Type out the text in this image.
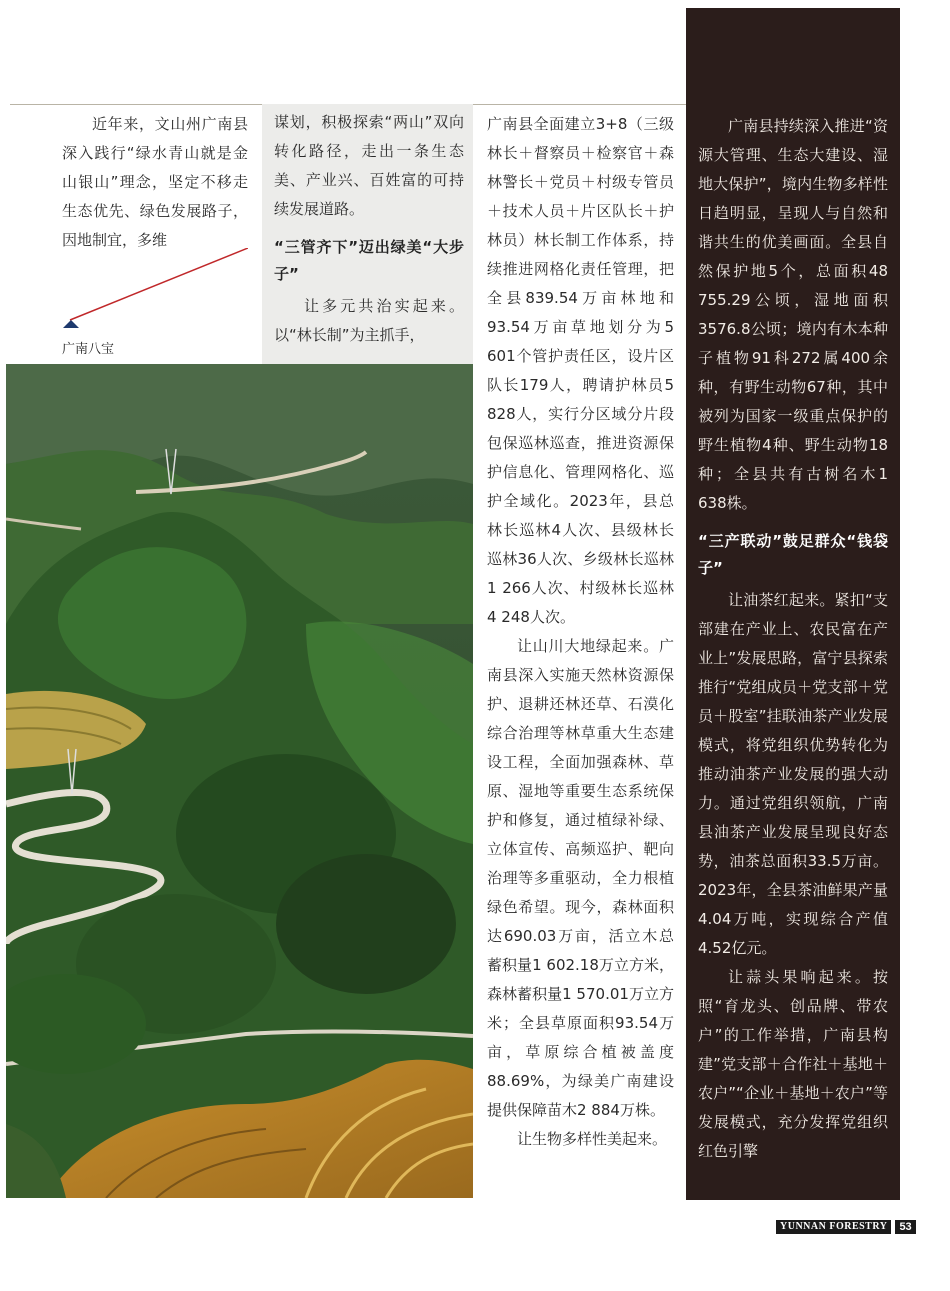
近年来，文山州广南县深入践行“绿水青山就是金山银山”理念，坚定不移走生态优先、绿色发展路子，因地制宜，多维

谋划，积极探索“两山”双向转化路径，走出一条生态美、产业兴、百姓富的可持续发展道路。

“三管齐下”迈出绿美“大步子”

让多元共治实起来。以“林长制”为主抓手，

广南县全面建立3+8（三级林长＋督察员＋检察官＋森林警长＋党员＋村级专管员＋技术人员＋片区队长＋护林员）林长制工作体系，持续推进网格化责任管理，把全县839.54万亩林地和93.54万亩草地划分为5 601个管护责任区，设片区队长179人，聘请护林员5 828人，实行分区域分片段包保巡林巡查，推进资源保护信息化、管理网格化、巡护全域化。2023年，县总林长巡林4人次、县级林长巡林36人次、乡级林长巡林1 266人次、村级林长巡林4 248人次。

让山川大地绿起来。广南县深入实施天然林资源保护、退耕还林还草、石漠化综合治理等林草重大生态建设工程，全面加强森林、草原、湿地等重要生态系统保护和修复，通过植绿补绿、立体宣传、高频巡护、靶向治理等多重驱动，全力根植绿色希望。现今，森林面积达690.03万亩，活立木总蓄积量1 602.18万立方米，森林蓄积量1 570.01万立方米；全县草原面积93.54万亩，草原综合植被盖度88.69%，为绿美广南建设提供保障苗木2 884万株。

让生物多样性美起来。

广南县持续深入推进“资源大管理、生态大建设、湿地大保护”，境内生物多样性日趋明显，呈现人与自然和谐共生的优美画面。全县自然保护地5个，总面积48 755.29公顷，湿地面积3576.8公顷；境内有木本种子植物91科272属400余种，有野生动物67种，其中被列为国家一级重点保护的野生植物4种、野生动物18种；全县共有古树名木1 638株。

“三产联动”鼓足群众“钱袋子”

让油茶红起来。紧扣“支部建在产业上、农民富在产业上”发展思路，富宁县探索推行“党组成员＋党支部＋党员＋股室”挂联油茶产业发展模式，将党组织优势转化为推动油茶产业发展的强大动力。通过党组织领航，广南县油茶产业发展呈现良好态势，油茶总面积33.5万亩。2023年，全县茶油鲜果产量4.04万吨，实现综合产值4.52亿元。

让蒜头果响起来。按照“育龙头、创品牌、带农户”的工作举措，广南县构建”党支部＋合作社＋基地＋农户”“企业＋基地＋农户”等发展模式，充分发挥党组织红色引擎

广南八宝
YUNNAN FORESTRY	53
